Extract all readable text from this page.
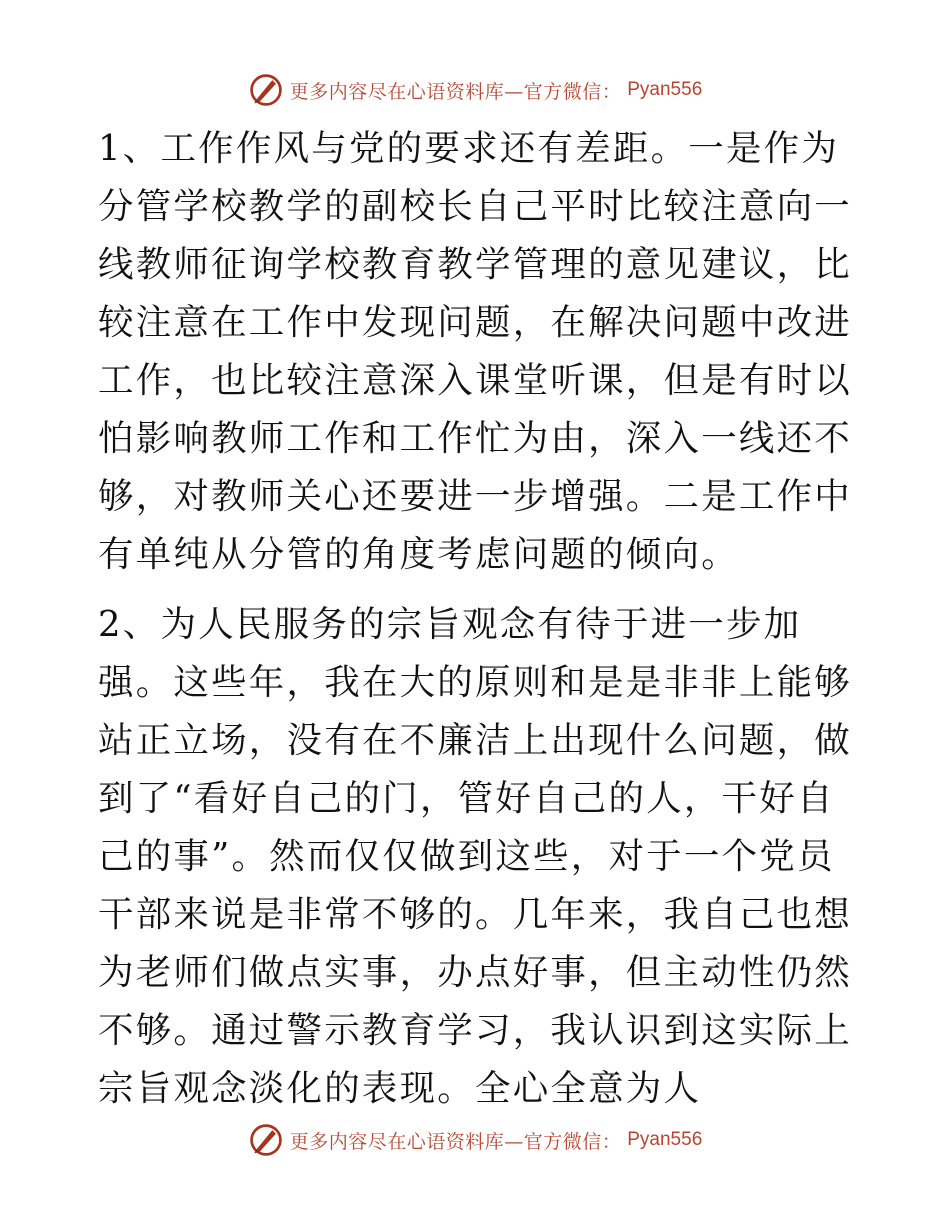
更多内容尽在心语资料库—官方微信： Pyan556

1、工作作风与党的要求还有差距。一是作为分管学校教学的副校长自己平时比较注意向一线教师征询学校教育教学管理的意见建议，比较注意在工作中发现问题，在解决问题中改进工作，也比较注意深入课堂听课，但是有时以怕影响教师工作和工作忙为由，深入一线还不够，对教师关心还要进一步增强。二是工作中有单纯从分管的角度考虑问题的倾向。

2、为人民服务的宗旨观念有待于进一步加强。这些年，我在大的原则和是是非非上能够站正立场，没有在不廉洁上出现什么问题，做到了“看好自己的门，管好自己的人，干好自己的事”。然而仅仅做到这些，对于一个党员干部来说是非常不够的。几年来，我自己也想为老师们做点实事，办点好事，但主动性仍然不够。通过警示教育学习，我认识到这实际上宗旨观念淡化的表现。全心全意为人

更多内容尽在心语资料库—官方微信： Pyan556
